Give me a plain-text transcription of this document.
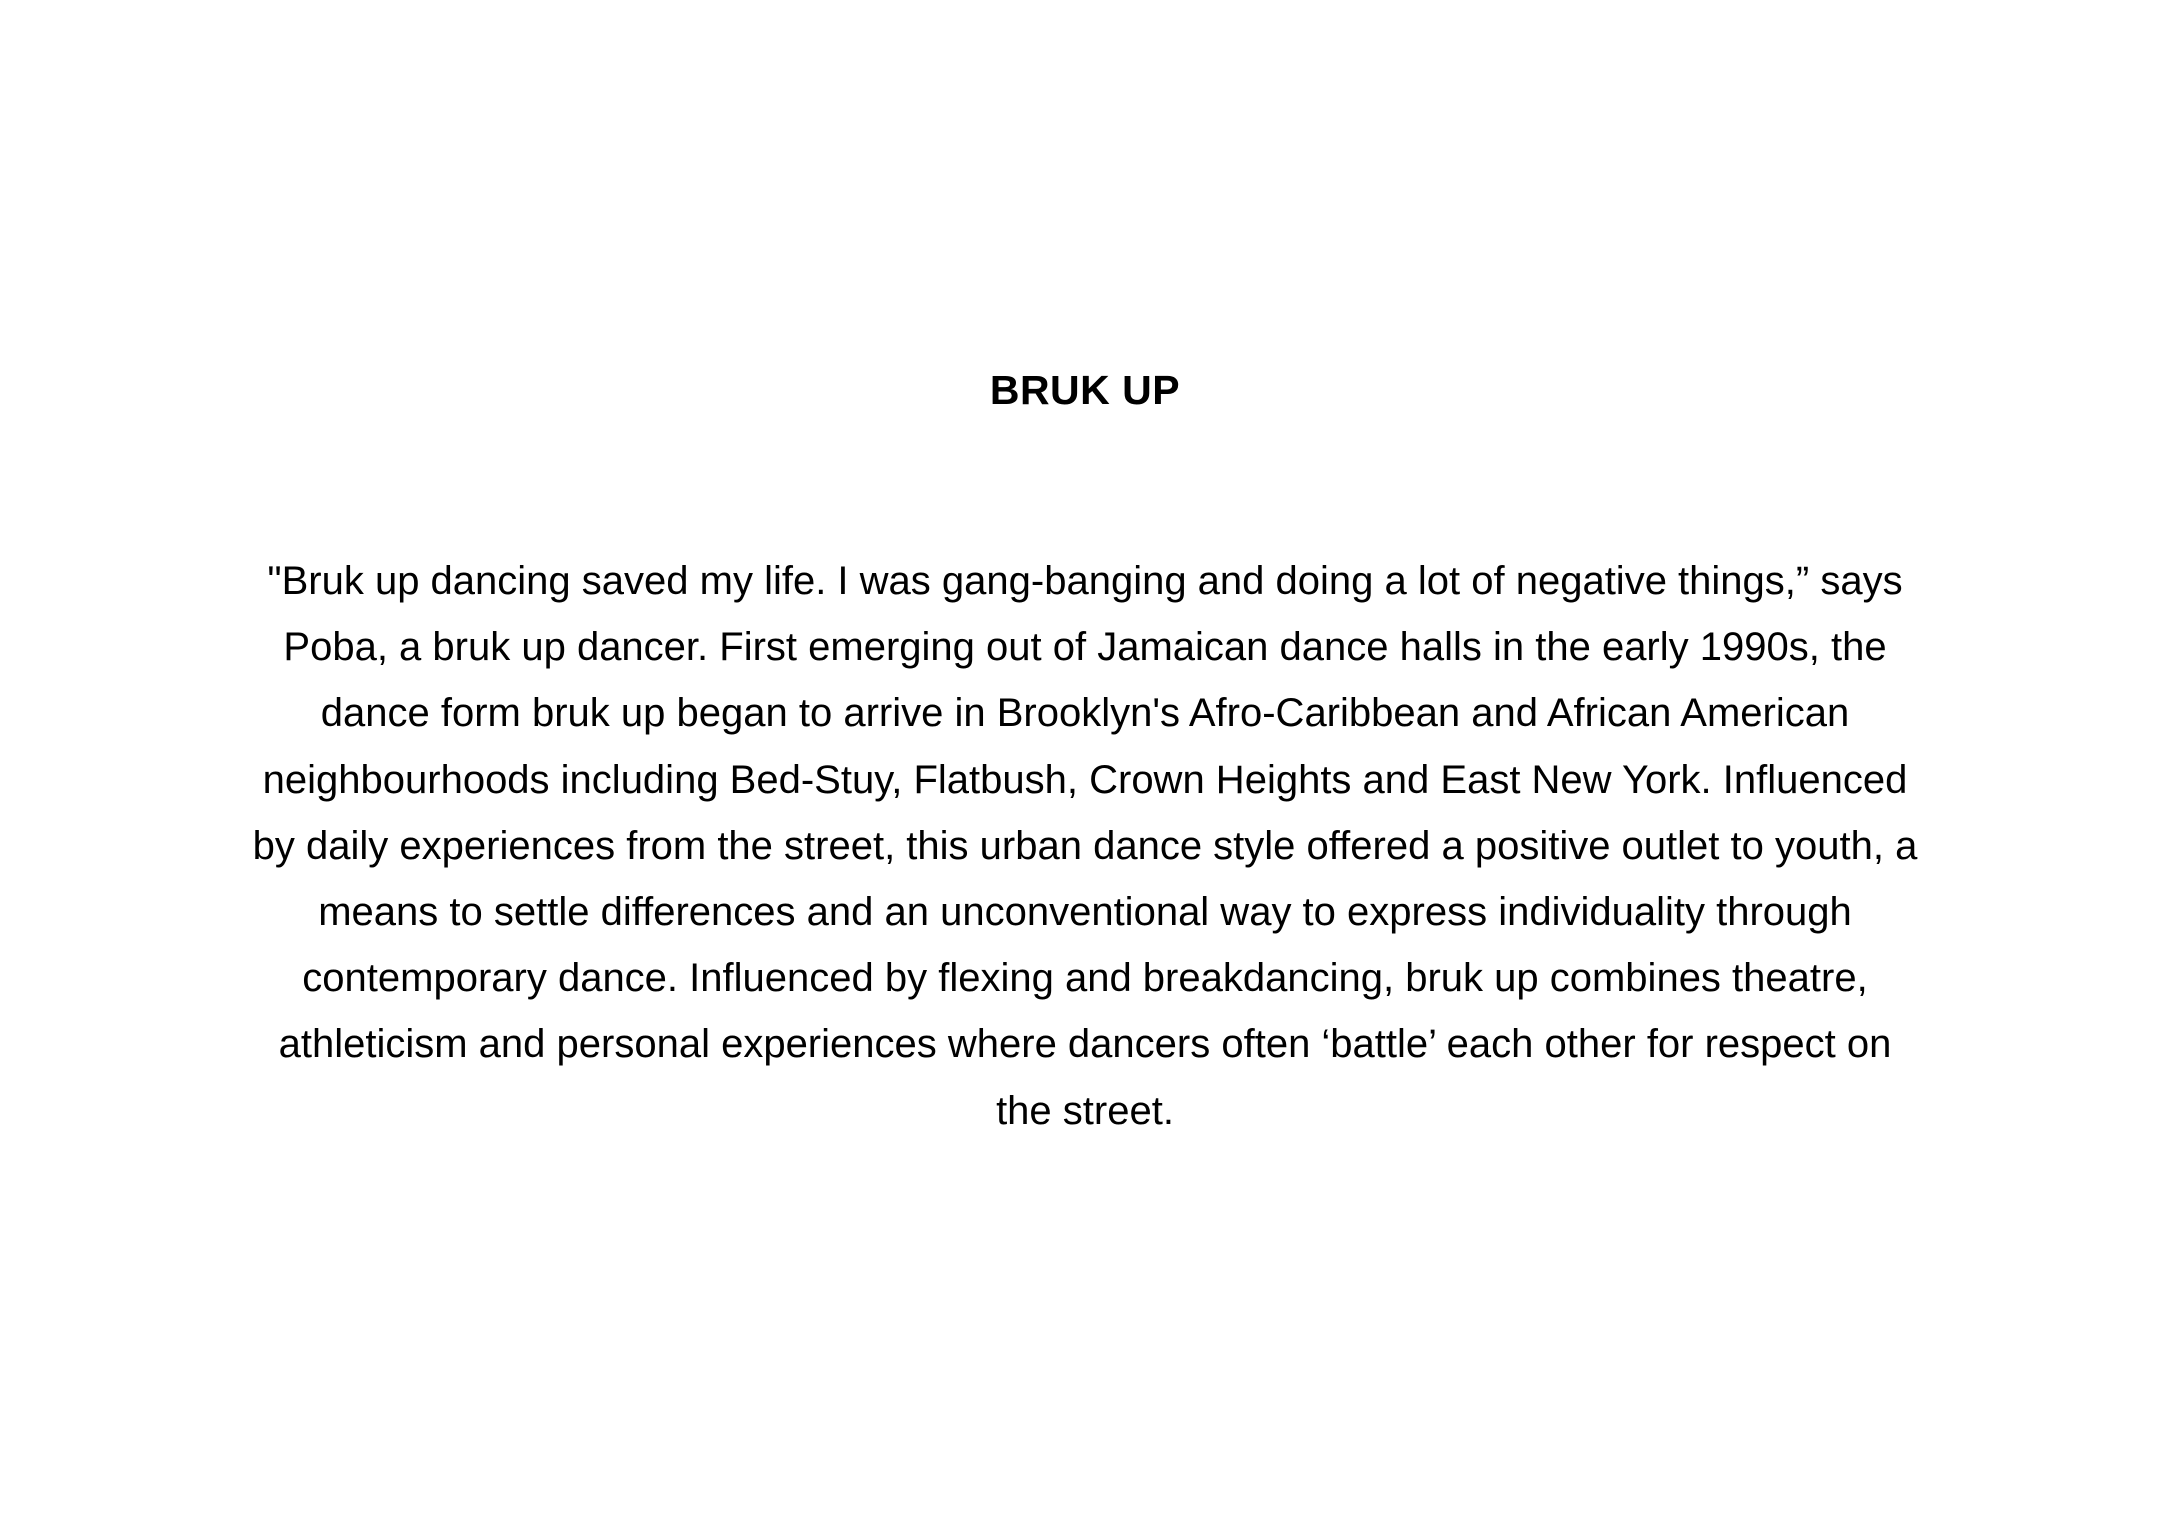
BRUK UP

"Bruk up dancing saved my life. I was gang-banging and doing a lot of negative things,” says
Poba, a bruk up dancer. First emerging out of Jamaican dance halls in the early 1990s, the
dance form bruk up began to arrive in Brooklyn's Afro-Caribbean and African American
neighbourhoods including Bed-Stuy, Flatbush, Crown Heights and East New York. Influenced
by daily experiences from the street, this urban dance style offered a positive outlet to youth, a
means to settle differences and an unconventional way to express individuality through
contemporary dance. Influenced by flexing and breakdancing, bruk up combines theatre,
athleticism and personal experiences where dancers often ‘battle’ each other for respect on
the street.
